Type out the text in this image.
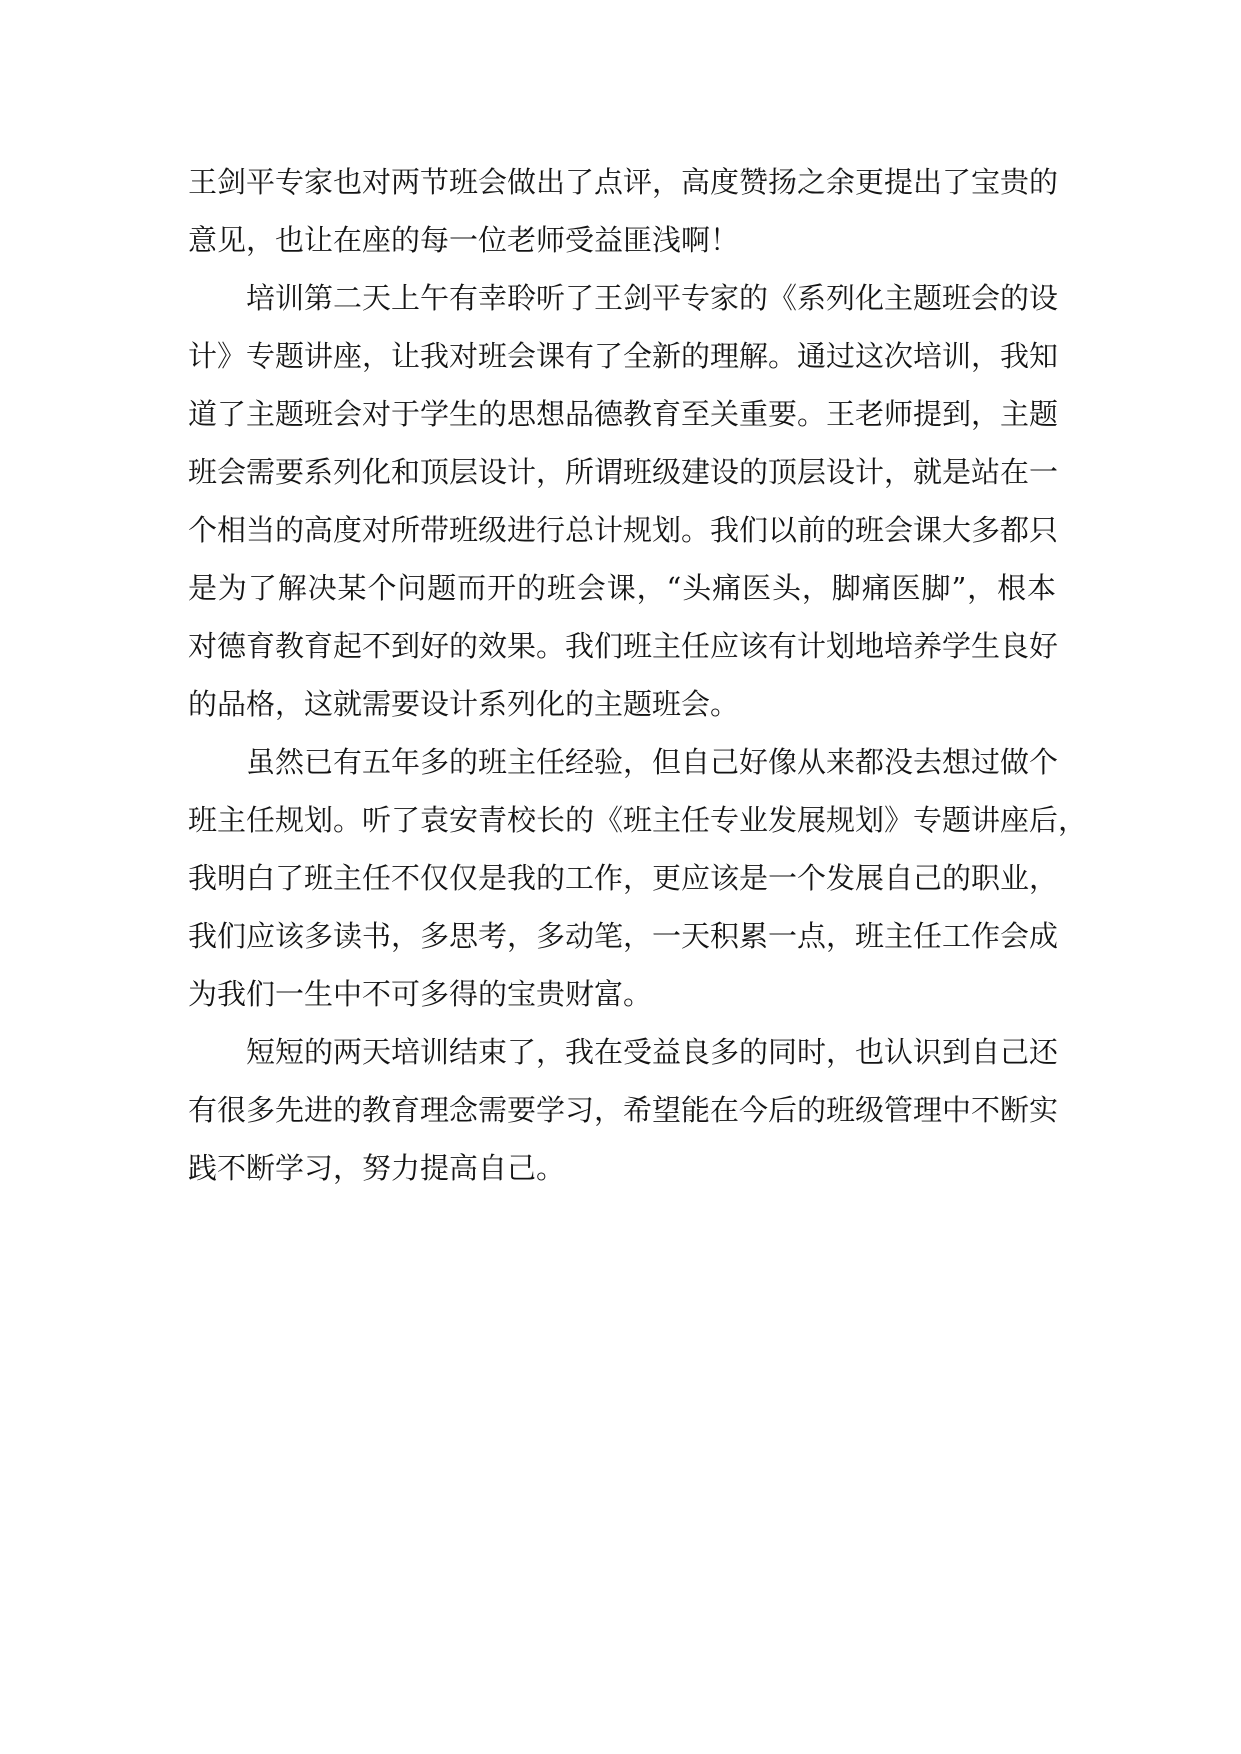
王剑平专家也对两节班会做出了点评，高度赞扬之余更提出了宝贵的
意见，也让在座的每一位老师受益匪浅啊！
培训第二天上午有幸聆听了王剑平专家的《系列化主题班会的设
计》专题讲座，让我对班会课有了全新的理解。通过这次培训，我知
道了主题班会对于学生的思想品德教育至关重要。王老师提到，主题
班会需要系列化和顶层设计，所谓班级建设的顶层设计，就是站在一
个相当的高度对所带班级进行总计规划。我们以前的班会课大多都只
是为了解决某个问题而开的班会课，“头痛医头，脚痛医脚”，根本
对德育教育起不到好的效果。我们班主任应该有计划地培养学生良好
的品格，这就需要设计系列化的主题班会。
虽然已有五年多的班主任经验，但自己好像从来都没去想过做个
班主任规划。听了袁安青校长的《班主任专业发展规划》专题讲座后，
我明白了班主任不仅仅是我的工作，更应该是一个发展自己的职业，
我们应该多读书，多思考，多动笔，一天积累一点，班主任工作会成
为我们一生中不可多得的宝贵财富。
短短的两天培训结束了，我在受益良多的同时，也认识到自己还
有很多先进的教育理念需要学习，希望能在今后的班级管理中不断实
践不断学习，努力提高自己。
